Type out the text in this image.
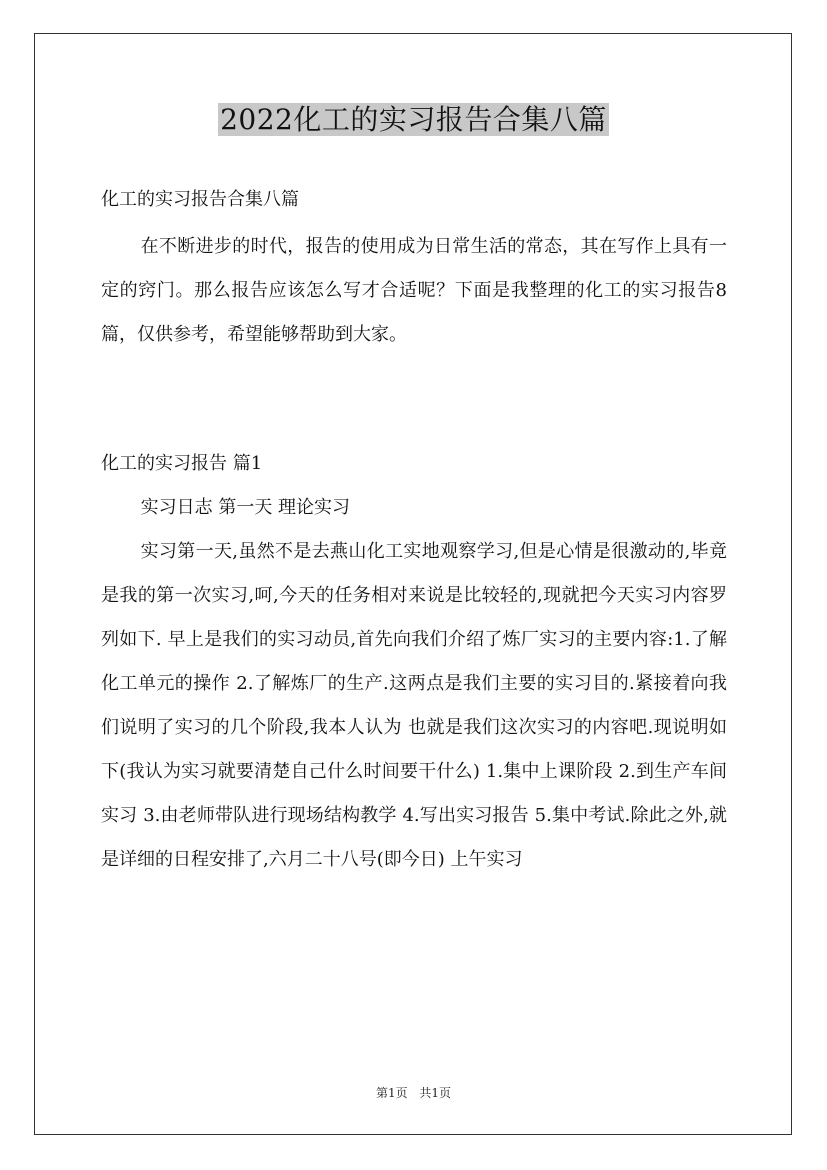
2022化工的实习报告合集八篇

化工的实习报告合集八篇

在不断进步的时代，报告的使用成为日常生活的常态，其在写作上具有一定的窍门。那么报告应该怎么写才合适呢？下面是我整理的化工的实习报告8篇，仅供参考，希望能够帮助到大家。

化工的实习报告 篇1

实习日志 第一天 理论实习

实习第一天,虽然不是去燕山化工实地观察学习,但是心情是很激动的,毕竟是我的第一次实习,呵,今天的任务相对来说是比较轻的,现就把今天实习内容罗列如下. 早上是我们的实习动员,首先向我们介绍了炼厂实习的主要内容:1.了解化工单元的操作 2.了解炼厂的生产.这两点是我们主要的实习目的.紧接着向我们说明了实习的几个阶段,我本人认为 也就是我们这次实习的内容吧.现说明如下(我认为实习就要清楚自己什么时间要干什么) 1.集中上课阶段 2.到生产车间实习 3.由老师带队进行现场结构教学 4.写出实习报告 5.集中考试.除此之外,就是详细的日程安排了,六月二十八号(即今日) 上午实习

第1页 共1页
